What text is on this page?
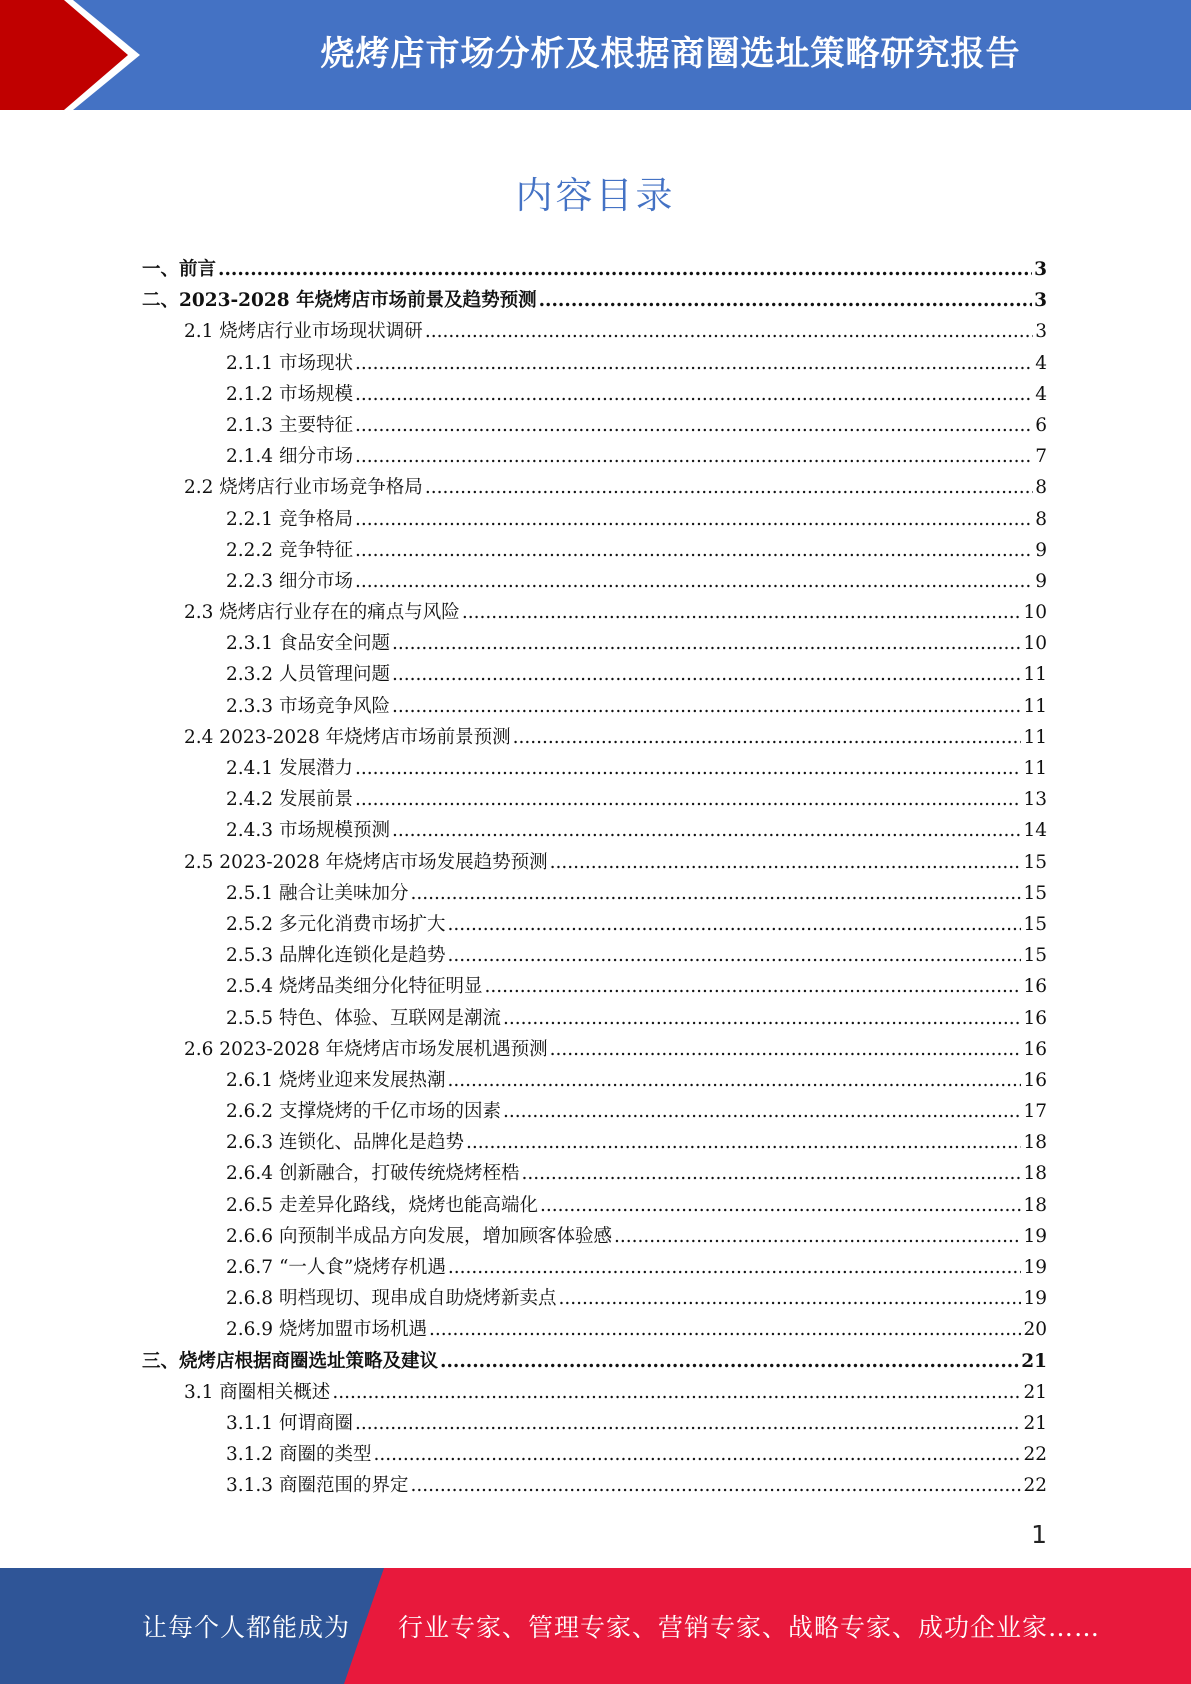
烧烤店市场分析及根据商圈选址策略研究报告
内容目录
一、前言 .....	3
二、2023-2028 年烧烤店市场前景及趋势预测 .....	3
2.1 烧烤店行业市场现状调研 .....	3
2.1.1 市场现状 .....	4
2.1.2 市场规模 .....	4
2.1.3 主要特征 .....	6
2.1.4 细分市场 .....	7
2.2 烧烤店行业市场竞争格局 .....	8
2.2.1 竞争格局 .....	8
2.2.2 竞争特征 .....	9
2.2.3 细分市场 .....	9
2.3 烧烤店行业存在的痛点与风险 .....	10
2.3.1 食品安全问题 .....	10
2.3.2 人员管理问题 .....	11
2.3.3 市场竞争风险 .....	11
2.4 2023-2028 年烧烤店市场前景预测 .....	11
2.4.1 发展潜力 .....	11
2.4.2 发展前景 .....	13
2.4.3 市场规模预测 .....	14
2.5 2023-2028 年烧烤店市场发展趋势预测 .....	15
2.5.1 融合让美味加分 .....	15
2.5.2 多元化消费市场扩大 .....	15
2.5.3 品牌化连锁化是趋势 .....	15
2.5.4 烧烤品类细分化特征明显 .....	16
2.5.5 特色、体验、互联网是潮流 .....	16
2.6 2023-2028 年烧烤店市场发展机遇预测 .....	16
2.6.1 烧烤业迎来发展热潮 .....	16
2.6.2 支撑烧烤的千亿市场的因素 .....	17
2.6.3 连锁化、品牌化是趋势 .....	18
2.6.4 创新融合，打破传统烧烤桎梏 .....	18
2.6.5 走差异化路线，烧烤也能高端化 .....	18
2.6.6 向预制半成品方向发展，增加顾客体验感 .....	19
2.6.7 “一人食”烧烤存机遇 .....	19
2.6.8 明档现切、现串成自助烧烤新卖点 .....	19
2.6.9 烧烤加盟市场机遇 .....	20
三、烧烤店根据商圈选址策略及建议 .....	21
3.1 商圈相关概述 .....	21
3.1.1 何谓商圈 .....	21
3.1.2 商圈的类型 .....	22
3.1.3 商圈范围的界定 .....	22
1
让每个人都能成为 行业专家、管理专家、营销专家、战略专家、成功企业家……
